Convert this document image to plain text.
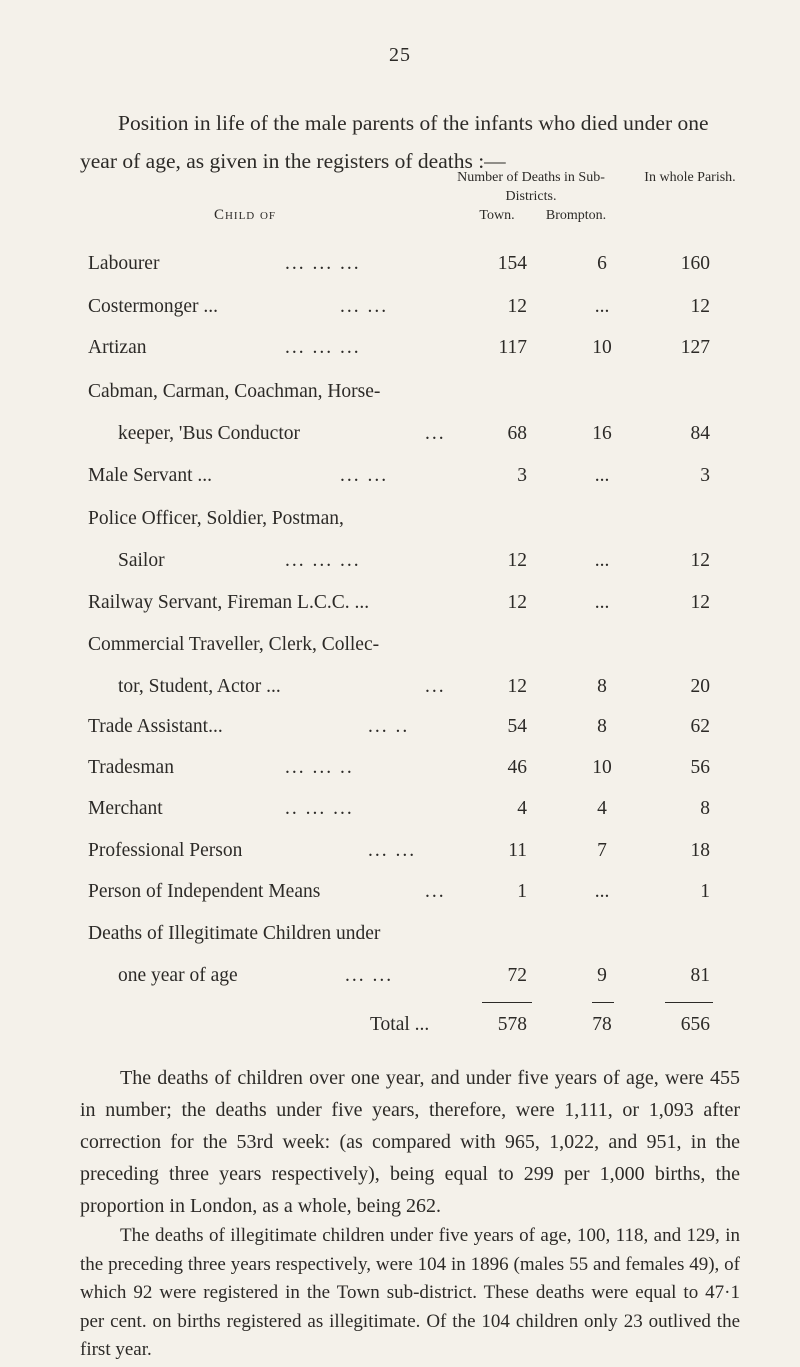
25
Position in life of the male parents of the infants who died under one year of age, as given in the registers of deaths :—
Child of
Number of Deaths in Sub-Districts.
Town.	Brompton.
In whole Parish.
Labourer	... ... ...	154	6	160
Costermonger ...	... ...	12	...	12
Artizan	... ... ...	117	10	127
Cabman, Carman, Coachman, Horse-
keeper, 'Bus Conductor	...	68	16	84
Male Servant ...	... ...	3	...	3
Police Officer, Soldier, Postman,
Sailor	... ... ...	12	...	12
Railway Servant, Fireman L.C.C. ...	12	...	12
Commercial Traveller, Clerk, Collec-
tor, Student, Actor ...	...	12	8	20
Trade Assistant...	... ..	54	8	62
Tradesman	... ... ..	46	10	56
Merchant	.. ... ...	4	4	8
Professional Person	... ...	11	7	18
Person of Independent Means	...	1	...	1
Deaths of Illegitimate Children under
one year of age	... ...	72	9	81
Total ...	578	78	656
The deaths of children over one year, and under five years of age, were 455 in number; the deaths under five years, therefore, were 1,111, or 1,093 after correction for the 53rd week: (as compared with 965, 1,022, and 951, in the preceding three years respectively), being equal to 299 per 1,000 births, the proportion in London, as a whole, being 262.
The deaths of illegitimate children under five years of age, 100, 118, and 129, in the preceding three years respectively, were 104 in 1896 (males 55 and females 49), of which 92 were registered in the Town sub-district. These deaths were equal to 47·1 per cent. on births registered as illegitimate. Of the 104 children only 23 outlived the first year.
